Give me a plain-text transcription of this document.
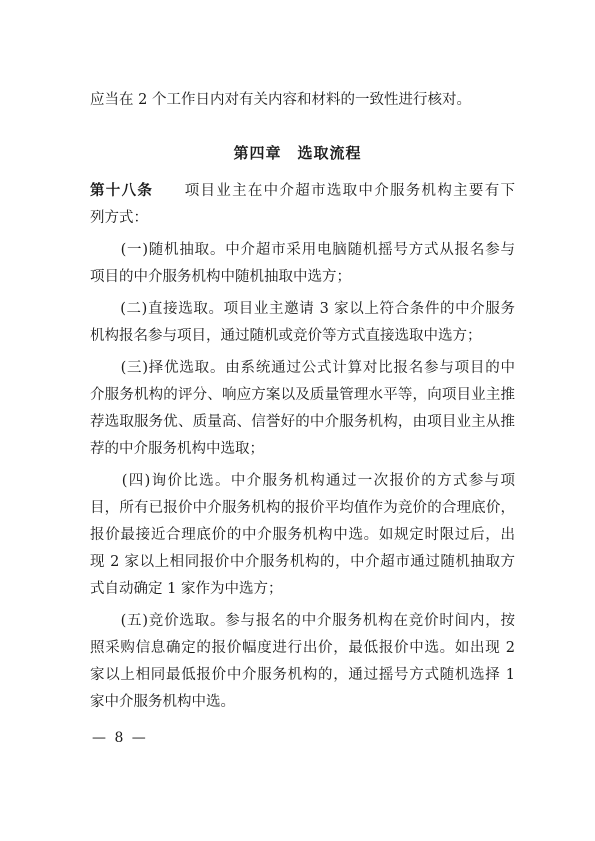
应当在 2 个工作日内对有关内容和材料的一致性进行核对。
第四章　选取流程
第十八条　　项目业主在中介超市选取中介服务机构主要有下
列方式：
　　(一)随机抽取。中介超市采用电脑随机摇号方式从报名参与
项目的中介服务机构中随机抽取中选方；
　　(二)直接选取。项目业主邀请 3 家以上符合条件的中介服务
机构报名参与项目，通过随机或竞价等方式直接选取中选方；
　　(三)择优选取。由系统通过公式计算对比报名参与项目的中
介服务机构的评分、响应方案以及质量管理水平等，向项目业主推
荐选取服务优、质量高、信誉好的中介服务机构，由项目业主从推
荐的中介服务机构中选取；
　　(四)询价比选。中介服务机构通过一次报价的方式参与项
目，所有已报价中介服务机构的报价平均值作为竞价的合理底价，
报价最接近合理底价的中介服务机构中选。如规定时限过后，出
现 2 家以上相同报价中介服务机构的，中介超市通过随机抽取方
式自动确定 1 家作为中选方；
　　(五)竞价选取。参与报名的中介服务机构在竞价时间内，按
照采购信息确定的报价幅度进行出价，最低报价中选。如出现 2
家以上相同最低报价中介服务机构的，通过摇号方式随机选择 1
家中介服务机构中选。
— 8 —
